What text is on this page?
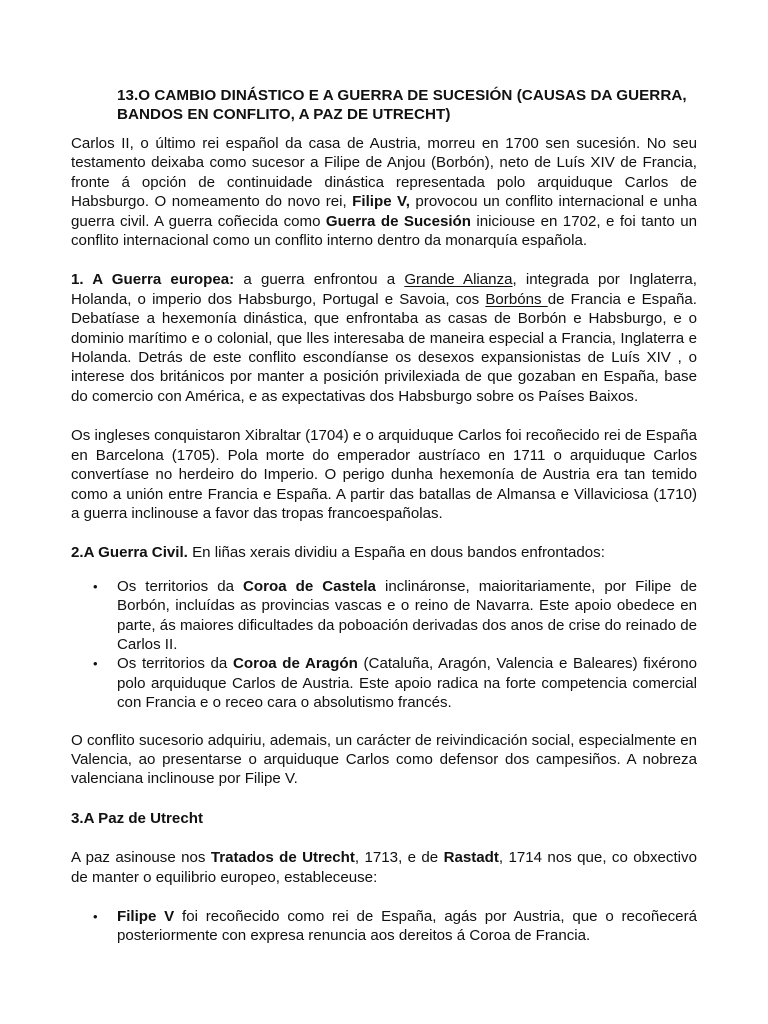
13.O CAMBIO DINÁSTICO E A GUERRA DE SUCESIÓN (CAUSAS DA GUERRA,
BANDOS EN CONFLITO, A PAZ DE UTRECHT)

Carlos II, o último rei español da casa de Austria, morreu en 1700 sen sucesión. No seu testamento deixaba como sucesor a Filipe de Anjou (Borbón), neto de Luís XIV de Francia, fronte á opción de continuidade dinástica representada polo arquiduque Carlos de Habsburgo. O nomeamento do novo rei, Filipe V, provocou un conflito internacional e unha guerra civil. A guerra coñecida como Guerra de Sucesión iniciouse en 1702, e foi tanto un conflito internacional como un conflito interno dentro da monarquía española.

1. A Guerra europea: a guerra enfrontou a Grande Alianza, integrada por Inglaterra, Holanda, o imperio dos Habsburgo, Portugal e Savoia, cos Borbóns de Francia e España. Debatíase a hexemonía dinástica, que enfrontaba as casas de Borbón e Habsburgo, e o dominio marítimo e o colonial, que lles interesaba de maneira especial a Francia, Inglaterra e Holanda. Detrás de este conflito escondíanse os desexos expansionistas de Luís XIV , o interese dos británicos por manter a posición privilexiada de que gozaban en España, base do comercio con América, e as expectativas dos Habsburgo sobre os Países Baixos.

Os ingleses conquistaron Xibraltar (1704) e o arquiduque Carlos foi recoñecido rei de España en Barcelona (1705). Pola morte do emperador austríaco en 1711 o arquiduque Carlos convertíase no herdeiro do Imperio. O perigo dunha hexemonía de Austria era tan temido como a unión entre Francia e España. A partir das batallas de Almansa e Villaviciosa (1710) a guerra inclinouse a favor das tropas francoespañolas.

2.A Guerra Civil. En liñas xerais dividiu a España en dous bandos enfrontados:

• Os territorios da Coroa de Castela inclináronse, maioritariamente, por Filipe de Borbón, incluídas as provincias vascas e o reino de Navarra. Este apoio obedece en parte, ás maiores dificultades da poboación derivadas dos anos de crise do reinado de Carlos II.
• Os territorios da Coroa de Aragón (Cataluña, Aragón, Valencia e Baleares) fixérono polo arquiduque Carlos de Austria. Este apoio radica na forte competencia comercial con Francia e o receo cara o absolutismo francés.

O conflito sucesorio adquiriu, ademais, un carácter de reivindicación social, especialmente en Valencia, ao presentarse o arquiduque Carlos como defensor dos campesiños. A nobreza valenciana inclinouse por Filipe V.

3.A Paz de Utrecht

A paz asinouse nos Tratados de Utrecht, 1713, e de Rastadt, 1714 nos que, co obxectivo de manter o equilibrio europeo, estableceuse:

• Filipe V foi recoñecido como rei de España, agás por Austria, que o recoñecerá posteriormente con expresa renuncia aos dereitos á Coroa de Francia.
